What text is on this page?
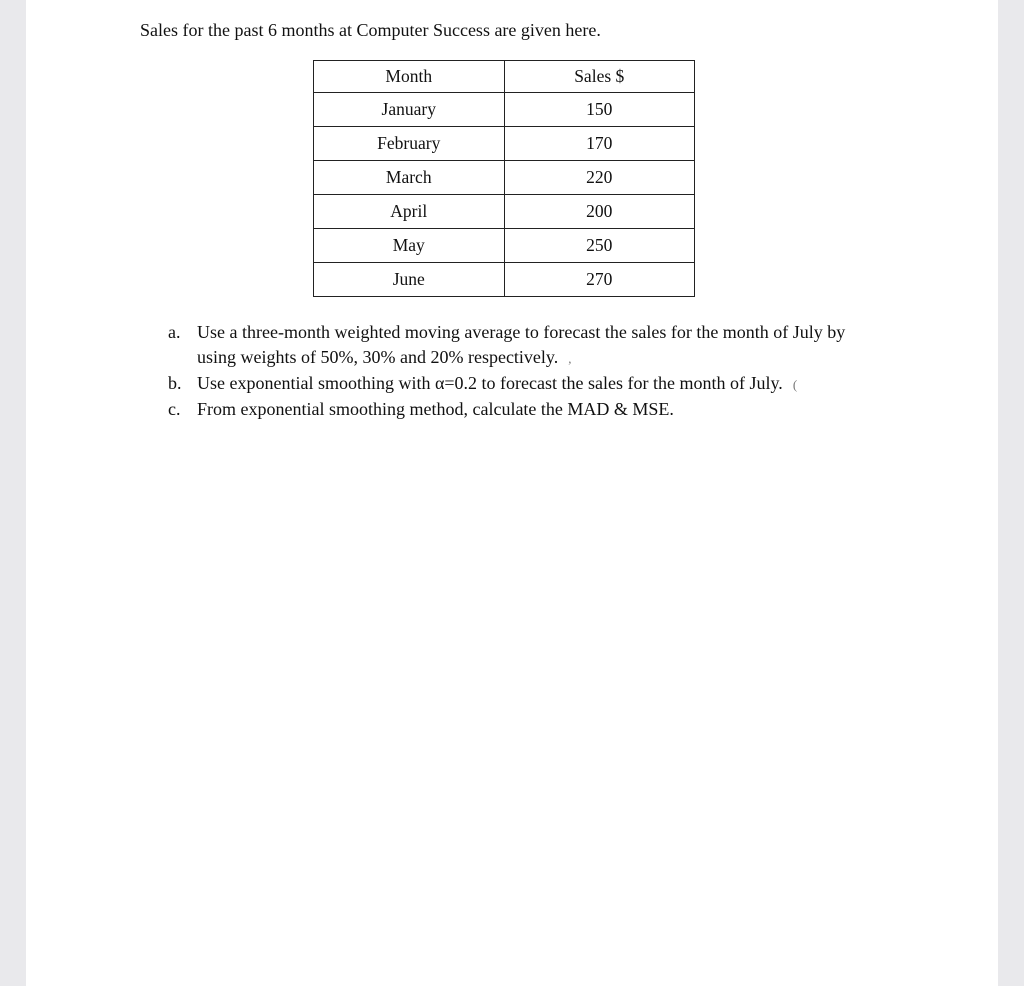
Sales for the past 6 months at Computer Success are given here.

Month	Sales $
January	150
February	170
March	220
April	200
May	250
June	270
a. Use a three-month weighted moving average to forecast the sales for the month of July by using weights of 50%, 30% and 20% respectively. ,
b. Use exponential smoothing with α=0.2 to forecast the sales for the month of July. (
c. From exponential smoothing method, calculate the MAD & MSE.
